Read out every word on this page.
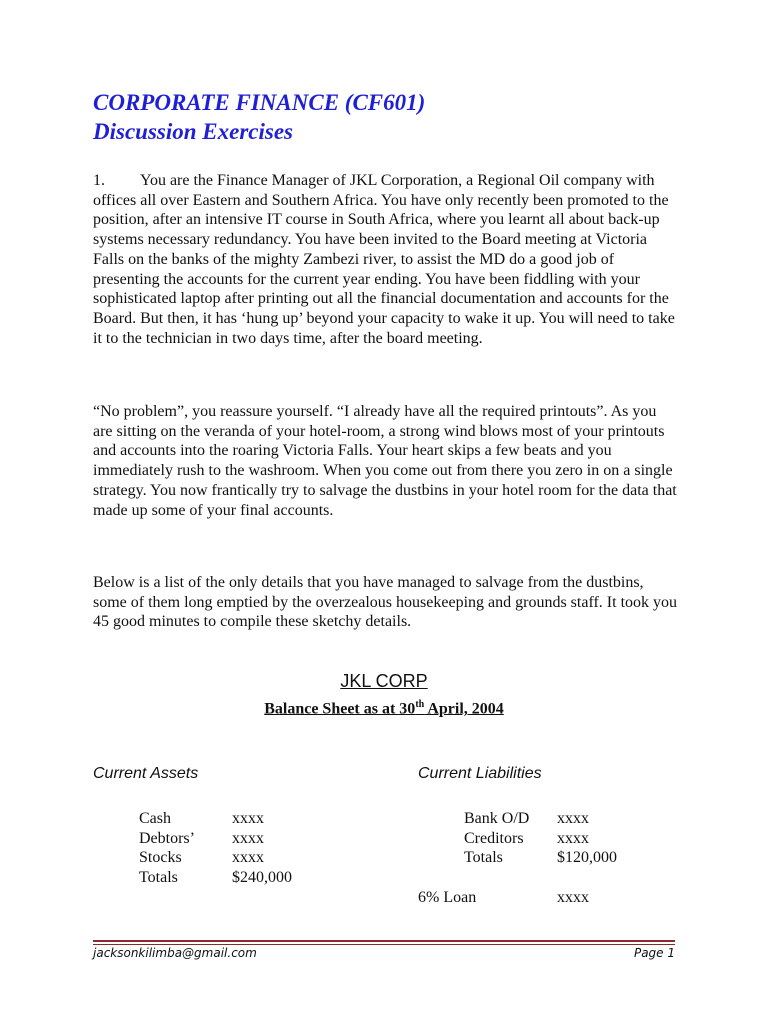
CORPORATE FINANCE (CF601)
Discussion Exercises

1. You are the Finance Manager of JKL Corporation, a Regional Oil company with offices all over Eastern and Southern Africa. You have only recently been promoted to the position, after an intensive IT course in South Africa, where you learnt all about back-up systems necessary redundancy. You have been invited to the Board meeting at Victoria Falls on the banks of the mighty Zambezi river, to assist the MD do a good job of presenting the accounts for the current year ending. You have been fiddling with your sophisticated laptop after printing out all the financial documentation and accounts for the Board. But then, it has ‘hung up’ beyond your capacity to wake it up. You will need to take it to the technician in two days time, after the board meeting.

“No problem”, you reassure yourself. “I already have all the required printouts”. As you are sitting on the veranda of your hotel-room, a strong wind blows most of your printouts and accounts into the roaring Victoria Falls. Your heart skips a few beats and you immediately rush to the washroom. When you come out from there you zero in on a single strategy. You now frantically try to salvage the dustbins in your hotel room for the data that made up some of your final accounts.

Below is a list of the only details that you have managed to salvage from the dustbins, some of them long emptied by the overzealous housekeeping and grounds staff. It took you 45 good minutes to compile these sketchy details.

JKL CORP
Balance Sheet as at 30th April, 2004
Current Assets	Current Liabilities
Cash	xxxx
Debtors’ xxxx
Stocks	xxxx
Totals	$240,000
Bank O/D xxxx
Creditors xxxx
Totals	$120,000
6% Loan	xxxx
jacksonkilimba@gmail.com	Page 1
